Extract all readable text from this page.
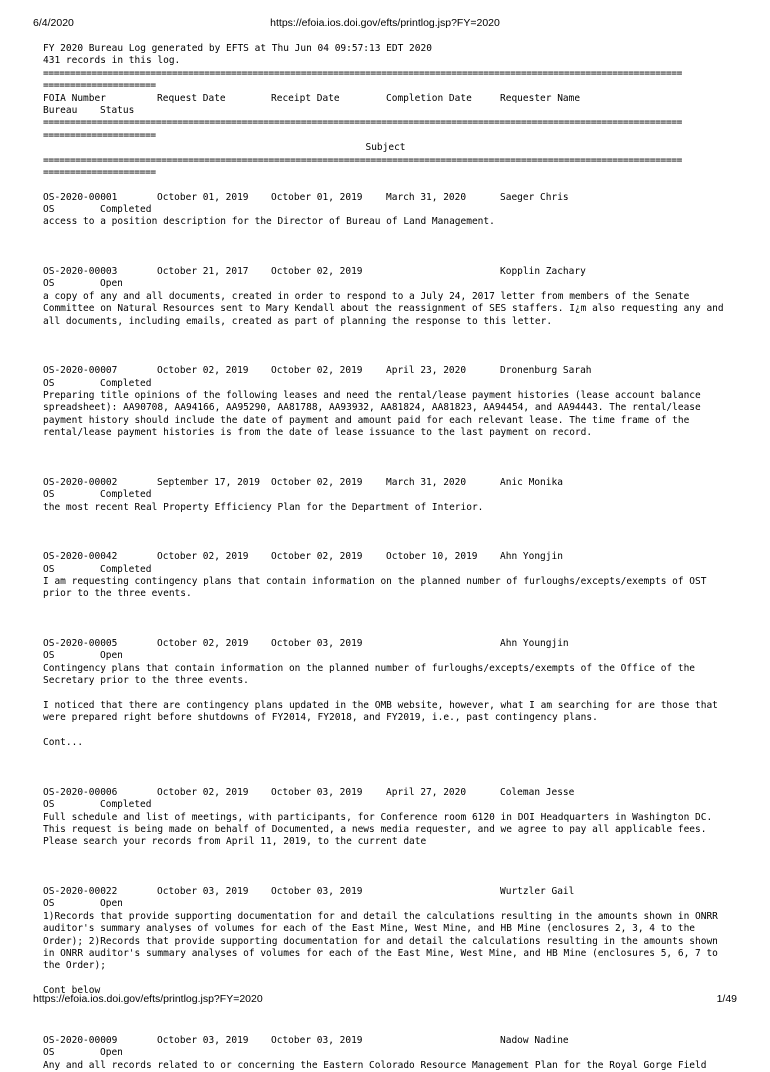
6/4/2020	https://efoia.ios.doi.gov/efts/printlog.jsp?FY=2020
FY 2020 Bureau Log generated by EFTS at Thu Jun 04 09:57:13 EDT 2020
431 records in this log.
=======================================================================================================================
=====================
FOIA Number	Request Date	Receipt Date	Completion Date	Requester Name
Bureau Status
=======================================================================================================================
=====================
Subject
=======================================================================================================================
=====================
OS-2020-00001	October 01, 2019 October 01, 2019 March 31, 2020	Saeger Chris
OS	Completed

access to a position description for the Director of Bureau of Land Management.

OS-2020-00003	October 21, 2017 October 02, 2019	Kopplin Zachary
OS	Open

a copy of any and all documents, created in order to respond to a July 24, 2017 letter from members of the Senate Committee on Natural Resources sent to Mary Kendall about the reassignment of SES staffers. I¿m also requesting any and all documents, including emails, created as part of planning the response to this letter.

OS-2020-00007	October 02, 2019 October 02, 2019 April 23, 2020	Dronenburg Sarah
OS	Completed

Preparing title opinions of the following leases and need the rental/lease payment histories (lease account balance spreadsheet): AA90708, AA94166, AA95290, AA81788, AA93932, AA81824, AA81823, AA94454, and AA94443. The rental/lease payment history should include the date of payment and amount paid for each relevant lease. The time frame of the rental/lease payment histories is from the date of lease issuance to the last payment on record.

OS-2020-00002	September 17, 2019 October 02, 2019 March 31, 2020	Anic Monika
OS	Completed

the most recent Real Property Efficiency Plan for the Department of Interior.

OS-2020-00042	October 02, 2019 October 02, 2019 October 10, 2019 Ahn Yongjin
OS	Completed

I am requesting contingency plans that contain information on the planned number of furloughs/excepts/exempts of OST prior to the three events.

OS-2020-00005	October 02, 2019 October 03, 2019	Ahn Youngjin
OS	Open

Contingency plans that contain information on the planned number of furloughs/excepts/exempts of the Office of the Secretary prior to the three events.

I noticed that there are contingency plans updated in the OMB website, however, what I am searching for are those that were prepared right before shutdowns of FY2014, FY2018, and FY2019, i.e., past contingency plans.

Cont...

OS-2020-00006	October 02, 2019 October 03, 2019 April 27, 2020	Coleman Jesse
OS	Completed

Full schedule and list of meetings, with participants, for Conference room 6120 in DOI Headquarters in Washington DC. This request is being made on behalf of Documented, a news media requester, and we agree to pay all applicable fees. Please search your records from April 11, 2019, to the current date

OS-2020-00022	October 03, 2019 October 03, 2019	Wurtzler Gail
OS	Open

1)Records that provide supporting documentation for and detail the calculations resulting in the amounts shown in ONRR auditor's summary analyses of volumes for each of the East Mine, West Mine, and HB Mine (enclosures 2, 3, 4 to the Order); 2)Records that provide supporting documentation for and detail the calculations resulting in the amounts shown in ONRR auditor's summary analyses of volumes for each of the East Mine, West Mine, and HB Mine (enclosures 5, 6, 7 to the Order);

Cont below

OS-2020-00009	October 03, 2019 October 03, 2019	Nadow Nadine
OS	Open

Any and all records related to or concerning the Eastern Colorado Resource Management Plan for the Royal Gorge Field

https://efoia.ios.doi.gov/efts/printlog.jsp?FY=2020	1/49
